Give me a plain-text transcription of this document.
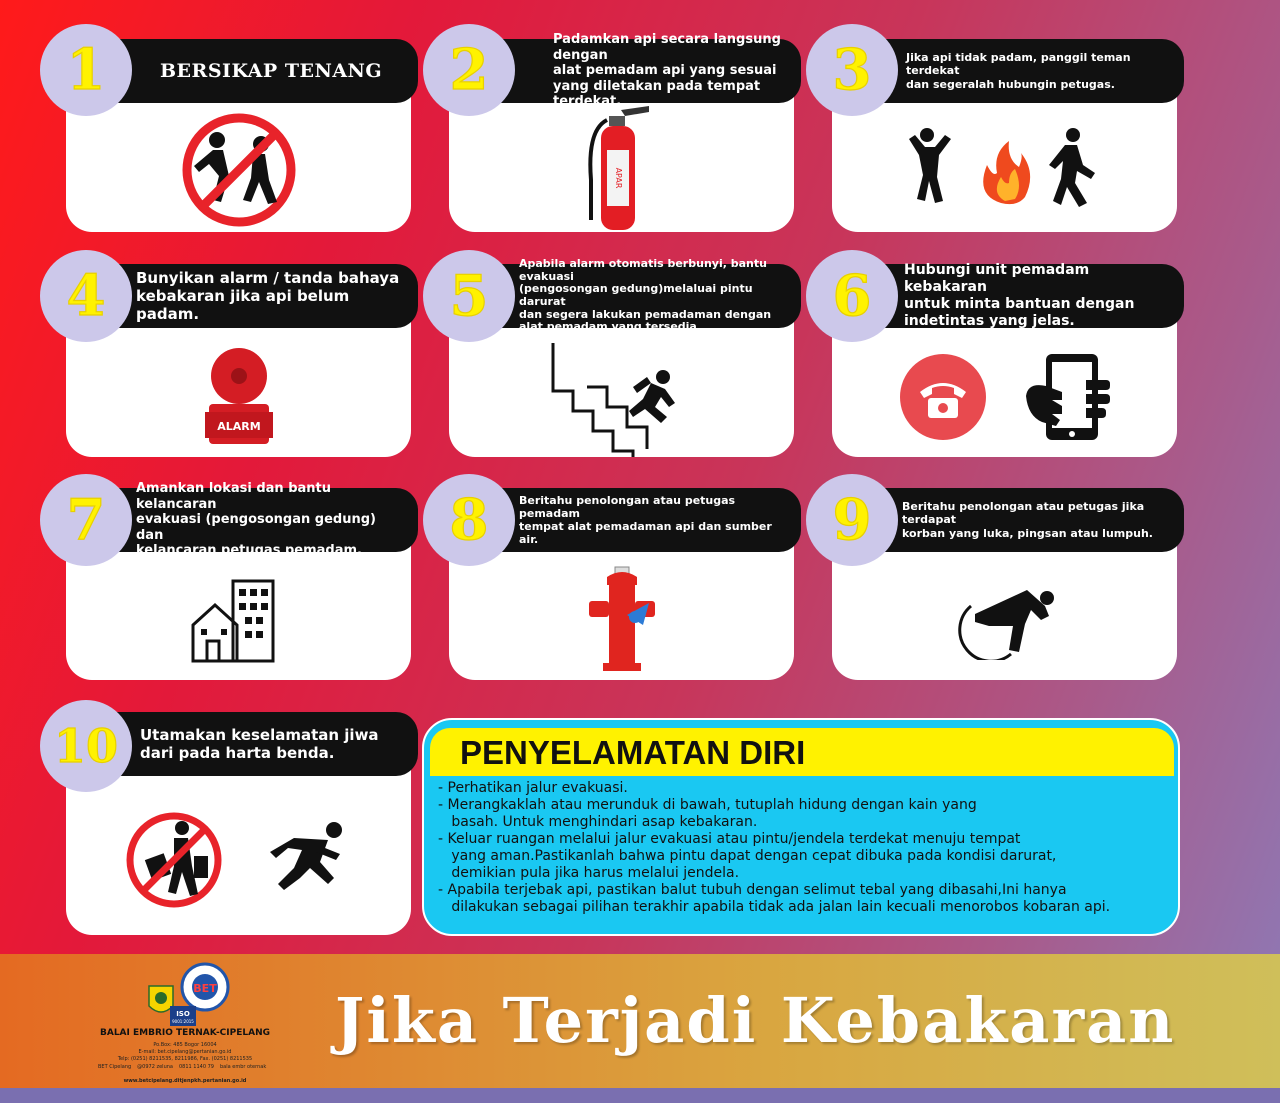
APAR
BERSIKAP TENANG
Padamkan api secara langsung dengan
alat pemadam api yang sesuai
yang diletakan pada tempat terdekat.
Jika api tidak padam, panggil teman terdekat
dan segeralah hubungin petugas.
1	2	3
ALARM
Bunyikan alarm / tanda bahaya
kebakaran jika api belum padam.
Apabila alarm otomatis berbunyi, bantu evakuasi
(pengosongan gedung)melaluai pintu darurat
dan segera lakukan pemadaman dengan
alat pemadam yang tersedia
Hubungi unit pemadam kebakaran
untuk minta bantuan dengan
indetintas yang jelas.
4	5	6
Amankan lokasi dan bantu kelancaran
evakuasi (pengosongan gedung) dan
kelancaran petugas pemadam.
Beritahu penolongan atau petugas pemadam
tempat alat pemadaman api dan sumber air.
Beritahu penolongan atau petugas jika terdapat
korban yang luka, pingsan atau lumpuh.
7	8	9
Utamakan keselamatan jiwa
dari pada harta benda.
10	PENYELAMATAN DIRI
- Perhatikan jalur evakuasi.
- Merangkaklah atau merunduk di bawah, tutuplah hidung dengan kain yang
basah. Untuk menghindari asap kebakaran.
- Keluar ruangan melalui jalur evakuasi atau pintu/jendela terdekat menuju tempat
yang aman.Pastikanlah bahwa pintu dapat dengan cepat dibuka pada kondisi darurat,
demikian pula jika harus melalui jendela.
- Apabila terjebak api, pastikan balut tubuh dengan selimut tebal yang dibasahi,Ini hanya
dilakukan sebagai pilihan terakhir apabila tidak ada jalan lain kecuali menorobos kobaran api.
BET
ISO
9001:2015
BALAI EMBRIO TERNAK-CIPELANG
Po.Box: 485 Bogor 16004
E-mail: bet.cipelang@pertanian.go.id
Telp: (0251) 8211535, 8211986, Fax. (0251) 8211535
BET Cipelang @0972 zeluna 0811 1140 79 bala embr oternak
www.betcipelang.ditjenpkh.pertanian.go.id
Jika Terjadi Kebakaran
